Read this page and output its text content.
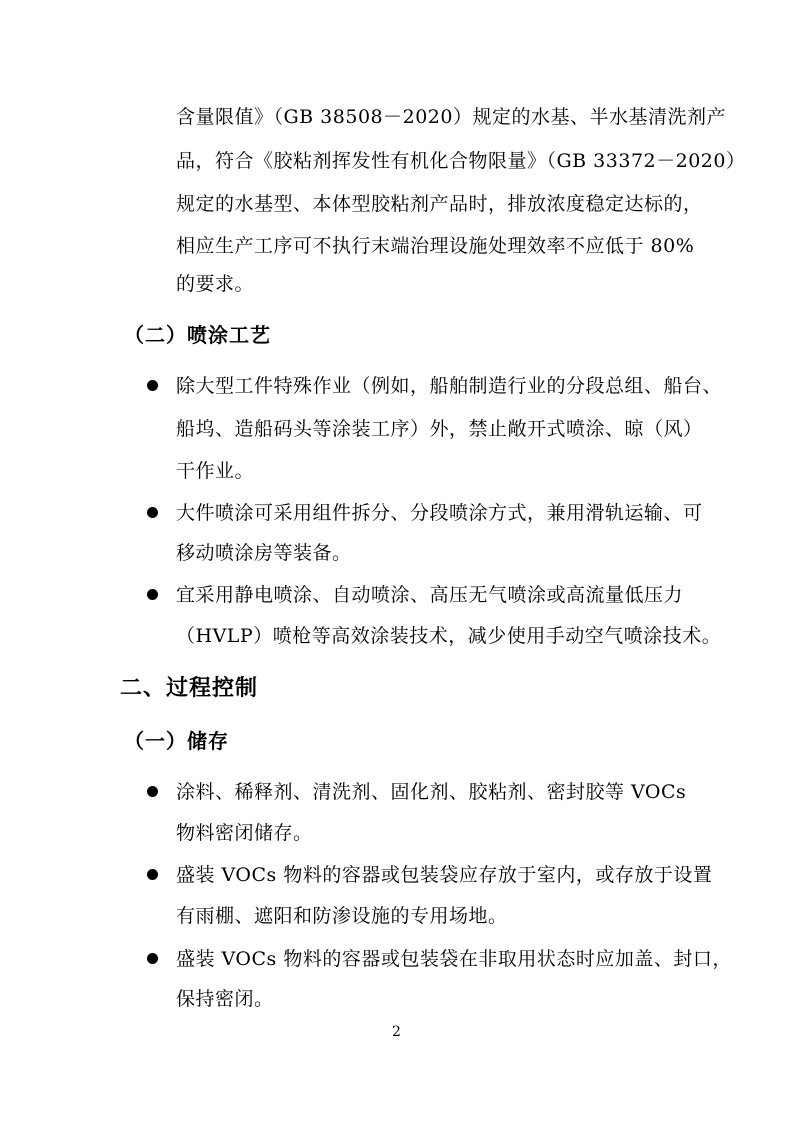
含量限值》（GB 38508－2020）规定的水基、半水基清洗剂产
品，符合《胶粘剂挥发性有机化合物限量》（GB 33372－2020）
规定的水基型、本体型胶粘剂产品时，排放浓度稳定达标的，
相应生产工序可不执行末端治理设施处理效率不应低于 80%
的要求。
（二）喷涂工艺
除大型工件特殊作业（例如，船舶制造行业的分段总组、船台、
船坞、造船码头等涂装工序）外，禁止敞开式喷涂、晾（风）
干作业。
大件喷涂可采用组件拆分、分段喷涂方式，兼用滑轨运输、可
移动喷涂房等装备。
宜采用静电喷涂、自动喷涂、高压无气喷涂或高流量低压力
（HVLP）喷枪等高效涂装技术，减少使用手动空气喷涂技术。
二、过程控制
（一）储存
涂料、稀释剂、清洗剂、固化剂、胶粘剂、密封胶等 VOCs
物料密闭储存。
盛装 VOCs 物料的容器或包装袋应存放于室内，或存放于设置
有雨棚、遮阳和防渗设施的专用场地。
盛装 VOCs 物料的容器或包装袋在非取用状态时应加盖、封口，
保持密闭。
2
